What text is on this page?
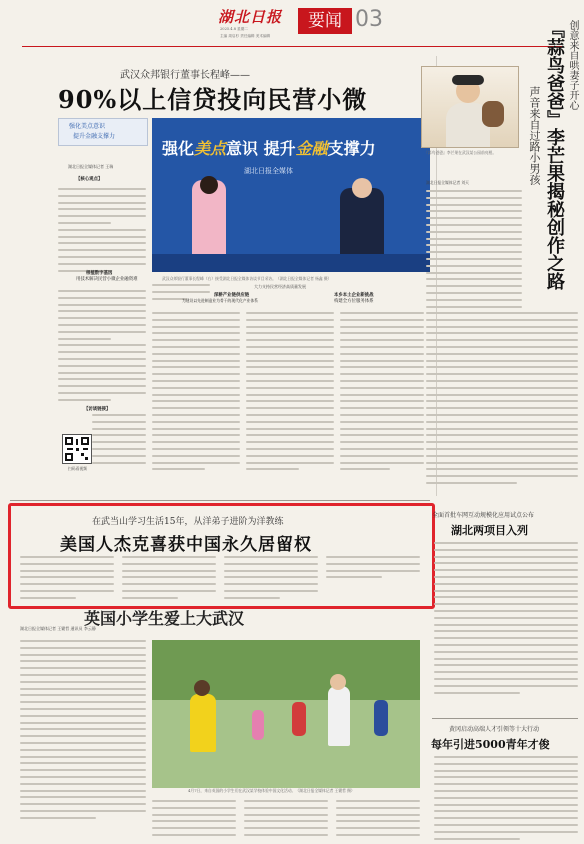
湖北日报	要闻 03
2025.4.8 星期二
主编 周启杉 责任编辑 美术编辑
武汉众邦银行董事长程峰——
90%以上信贷投向民营小微
强化美点意识
提升金融支撑力
湖北日报全媒体记者 王瑞
【核心观点】
强化美点意识 提升金融支撑力
湖北日报全媒体
武汉众邦银行董事长程峰（右）接受湖北日报全媒体访谈节目采访。（湖北日报全媒体记者 杨鑫 摄）
根植数字基因
用技术解决民营小微企业融资难
深耕产业链供应链
为建设以先进制造业为骨干的现代化产业体系
本乡本土企业新挑战
构建全方位服务体系
大力支持民营经济高质量发展
【访谈链接】
扫码看视频
创意来自哄妻子开心
『蒜鸟爸爸』李芒果揭秘创作之路
声音来自过路小男孩
『蒜鸟爸爸』李芒果在武汉某公园前亮相。
湖北日报全媒体记者 刘天
在武当山学习生活15年，从洋弟子进阶为洋教练
美国人杰克喜获中国永久居留权
全面首批车网互动规模化应用试点公布
湖北两项目入列
黄冈启动高端人才引领等十大行动
每年引进5000青年才俊
英国小学生爱上大武汉
湖北日报全媒体记者 王繁哲 通讯员 李云静
4月7日，来自英国的小学生们在武汉某学校体验中国文化活动。（湖北日报全媒体记者 王繁哲 摄）
